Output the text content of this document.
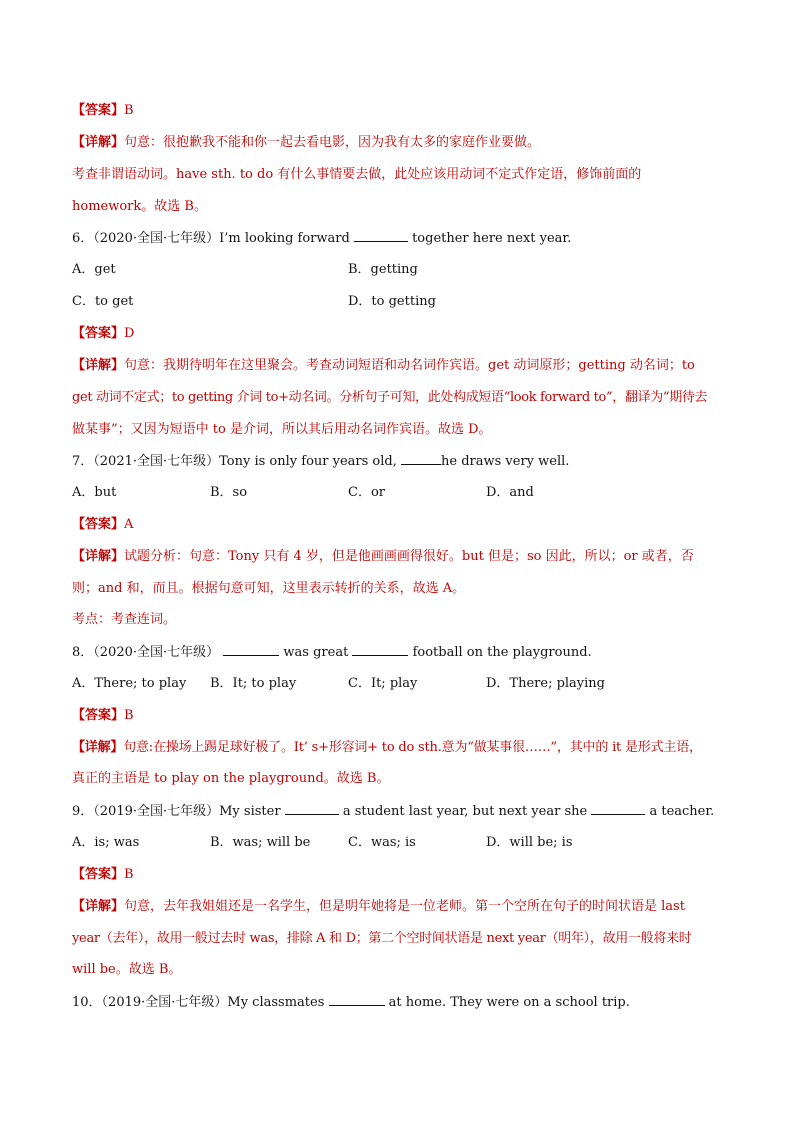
【答案】B
【详解】句意：很抱歉我不能和你一起去看电影，因为我有太多的家庭作业要做。
考查非谓语动词。have sth. to do 有什么事情要去做，此处应该用动词不定式作定语，修饰前面的
homework。故选 B。
6．（2020·全国·七年级）I’m looking forward	together here next year.
A．get	B．getting
C．to get	D．to getting
【答案】D
【详解】句意：我期待明年在这里聚会。考查动词短语和动名词作宾语。get 动词原形；getting 动名词；to
get 动词不定式；to getting 介词 to+动名词。分析句子可知，此处构成短语“look forward to”，翻译为“期待去
做某事”；又因为短语中 to 是介词，所以其后用动名词作宾语。故选 D。
7．（2021·全国·七年级）Tony is only four years old,	he draws very well.
A．but	B．so	C．or	D．and
【答案】A
【详解】试题分析：句意：Tony 只有 4 岁，但是他画画画得很好。but 但是；so 因此，所以；or 或者，否
则；and 和，而且。根据句意可知，这里表示转折的关系，故选 A。
考点：考查连词。
8．（2020·全国·七年级）	was great	football on the playground.
A．There; to play B．It; to play	C．It; play	D．There; playing
【答案】B
【详解】句意:在操场上踢足球好极了。It’ s+形容词+ to do sth.意为“做某事很……”，其中的 it 是形式主语，
真正的主语是 to play on the playground。故选 B。
9．（2019·全国·七年级）My sister	a student last year, but next year she	a teacher.
A．is; was	B．was; will be	C．was; is	D．will be; is
【答案】B
【详解】句意，去年我姐姐还是一名学生，但是明年她将是一位老师。第一个空所在句子的时间状语是 last
year（去年），故用一般过去时 was，排除 A 和 D；第二个空时间状语是 next year（明年），故用一般将来时
will be。故选 B。
10．（2019·全国·七年级）My classmates	at home. They were on a school trip.
